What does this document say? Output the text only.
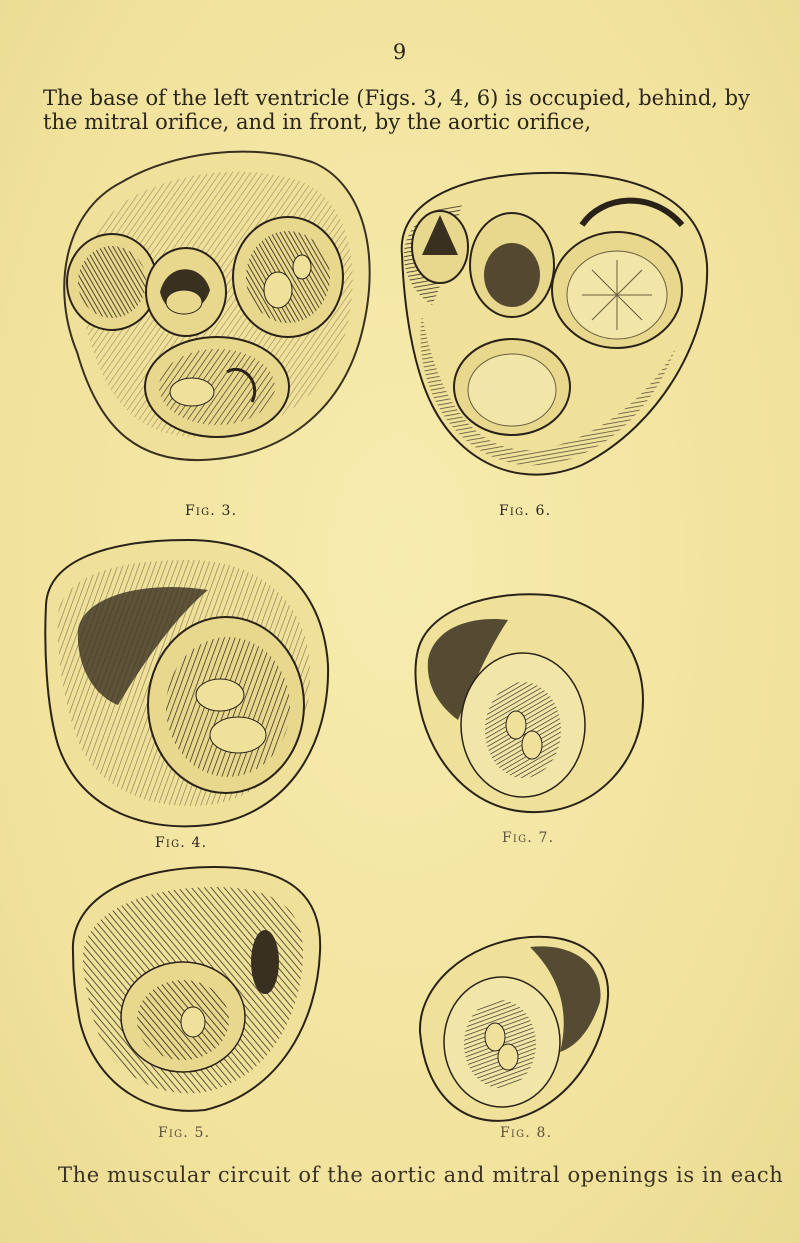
9
The base of the left ventricle (Figs. 3, 4, 6) is occupied, behind, by
the mitral orifice, and in front, by the aortic orifice,
Fig. 3.	Fig. 6.
Fig. 4.	Fig. 7.
Fig. 5.	Fig. 8.
The muscular circuit of the aortic and mitral openings is in each
